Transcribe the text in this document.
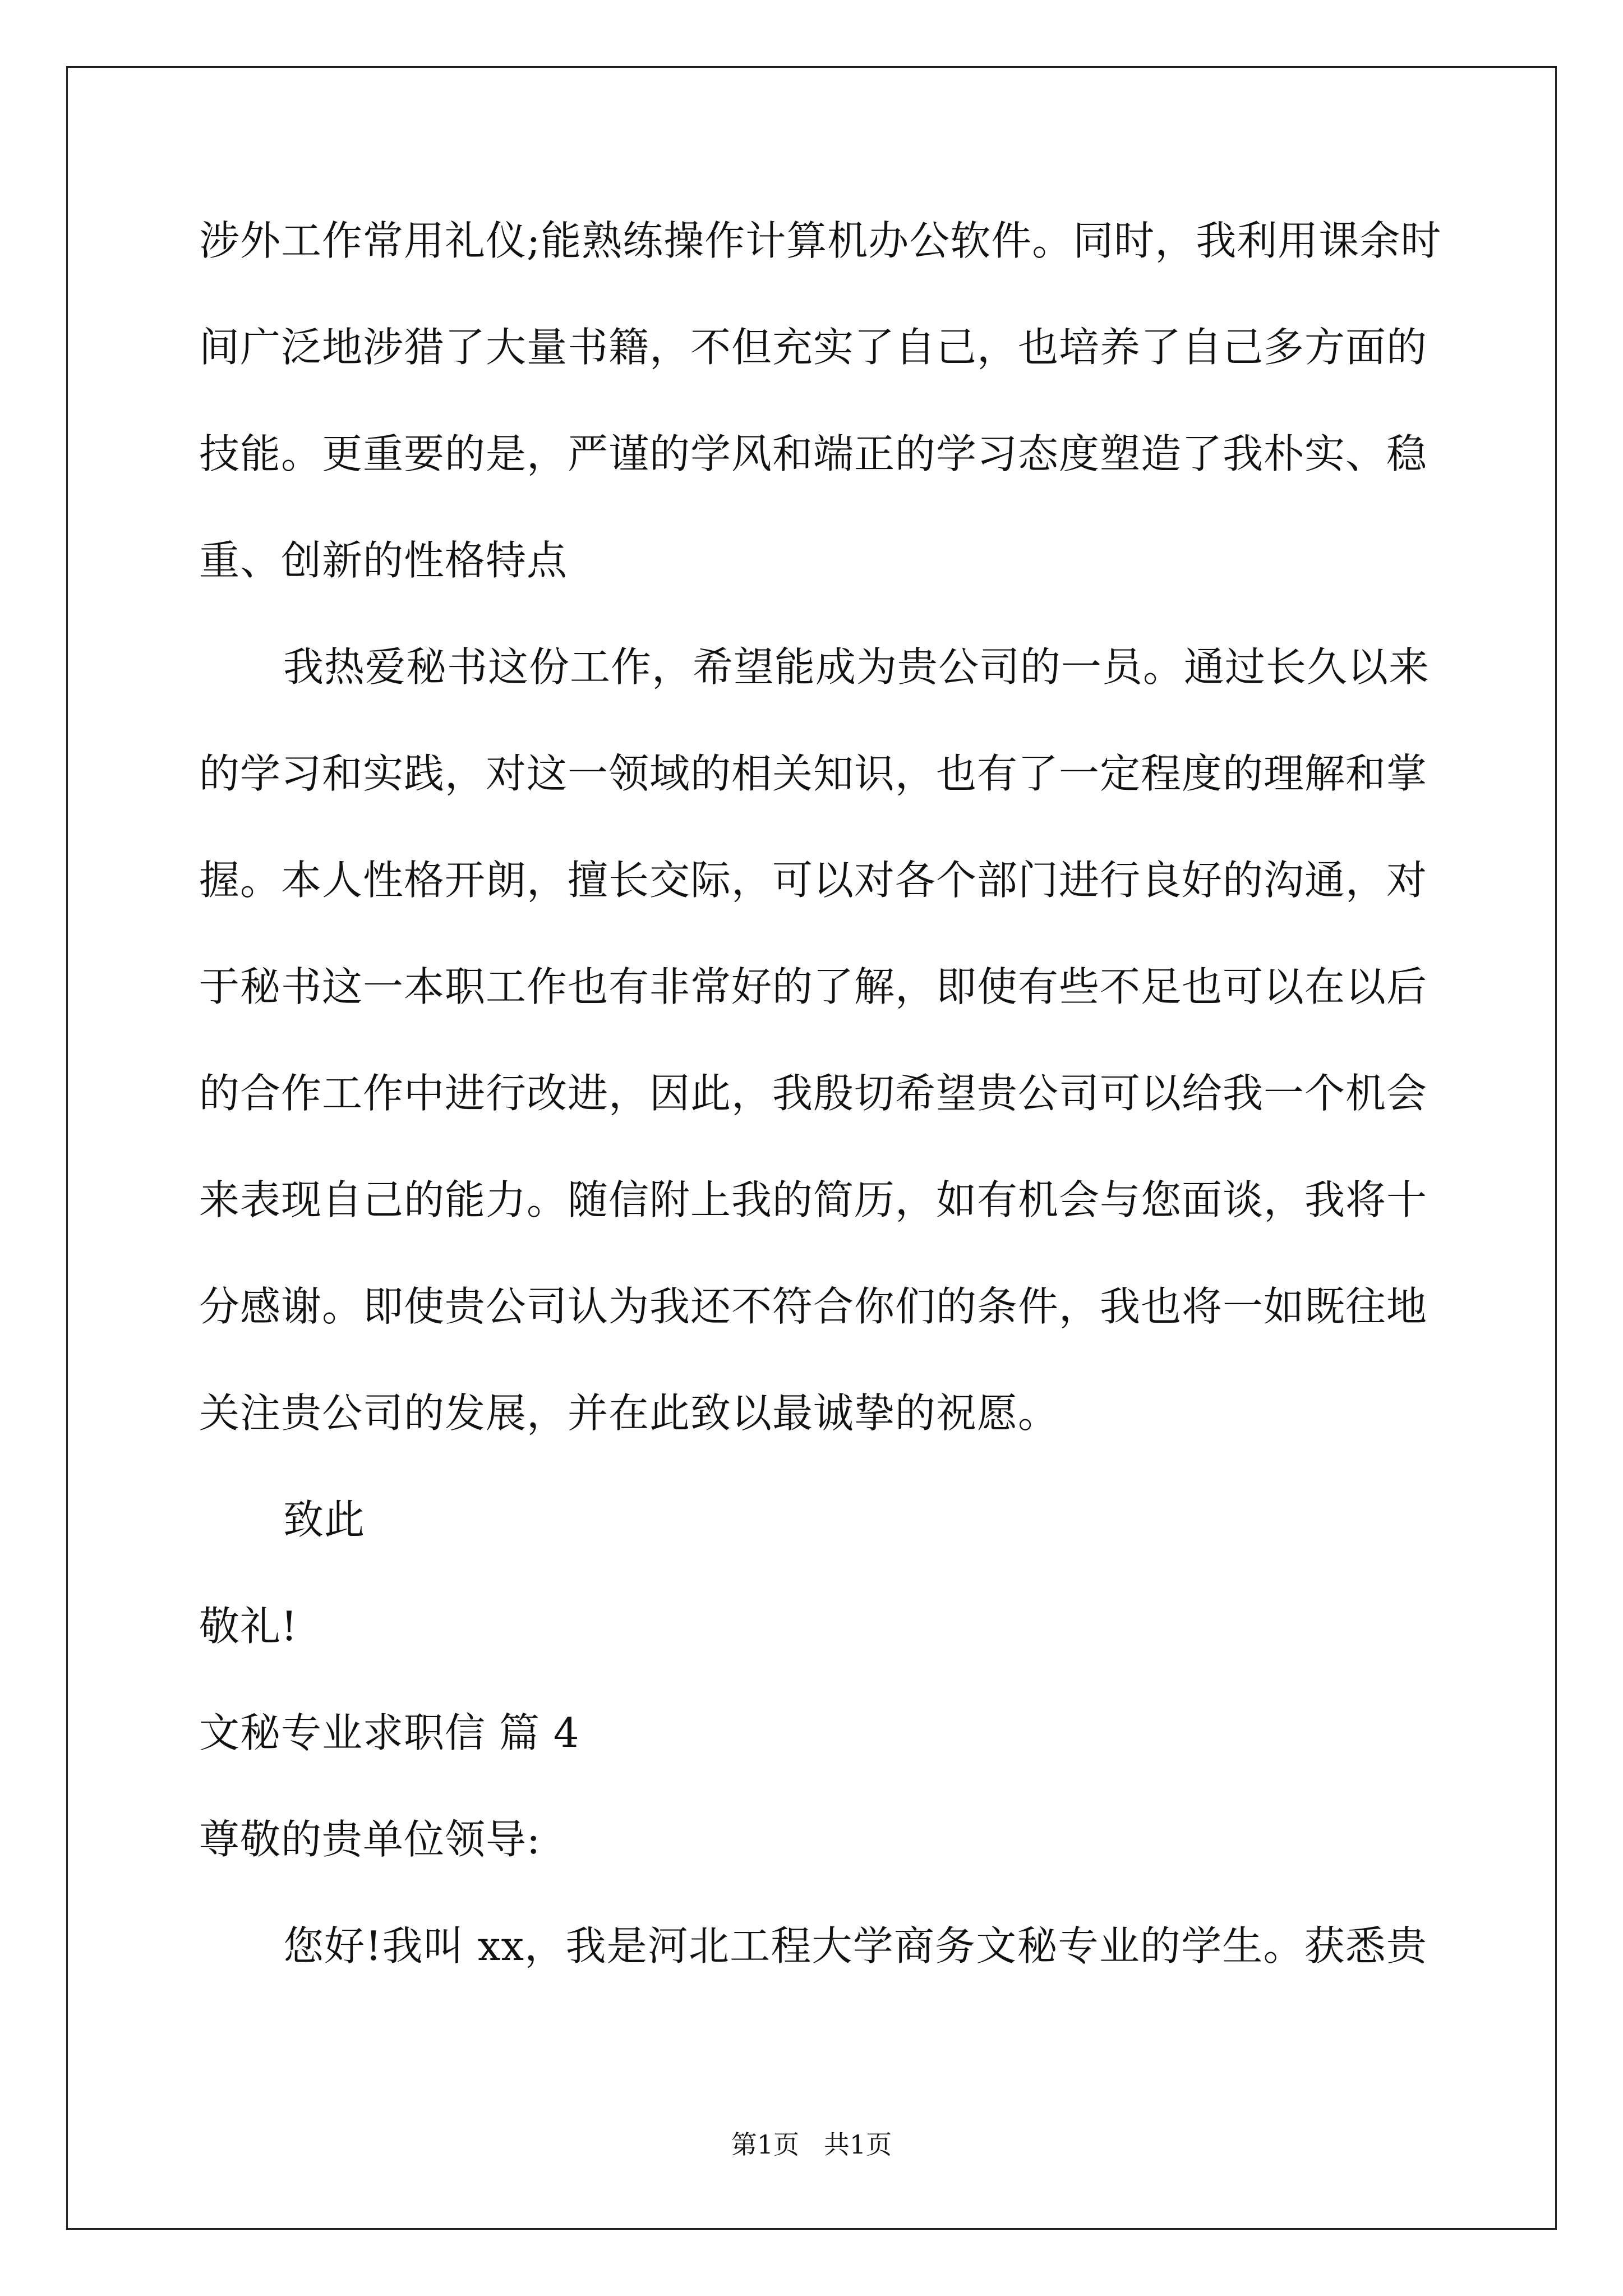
涉外工作常用礼仪;能熟练操作计算机办公软件。同时，我利用课余时
间广泛地涉猎了大量书籍，不但充实了自己，也培养了自己多方面的
技能。更重要的是，严谨的学风和端正的学习态度塑造了我朴实、稳
重、创新的性格特点
我热爱秘书这份工作，希望能成为贵公司的一员。通过长久以来
的学习和实践，对这一领域的相关知识，也有了一定程度的理解和掌
握。本人性格开朗，擅长交际，可以对各个部门进行良好的沟通，对
于秘书这一本职工作也有非常好的了解，即使有些不足也可以在以后
的合作工作中进行改进，因此，我殷切希望贵公司可以给我一个机会
来表现自己的能力。随信附上我的简历，如有机会与您面谈，我将十
分感谢。即使贵公司认为我还不符合你们的条件，我也将一如既往地
关注贵公司的发展，并在此致以最诚挚的祝愿。
致此
敬礼!
文秘专业求职信 篇 4
尊敬的贵单位领导:
您好!我叫 xx，我是河北工程大学商务文秘专业的学生。获悉贵
第1页   共1页
